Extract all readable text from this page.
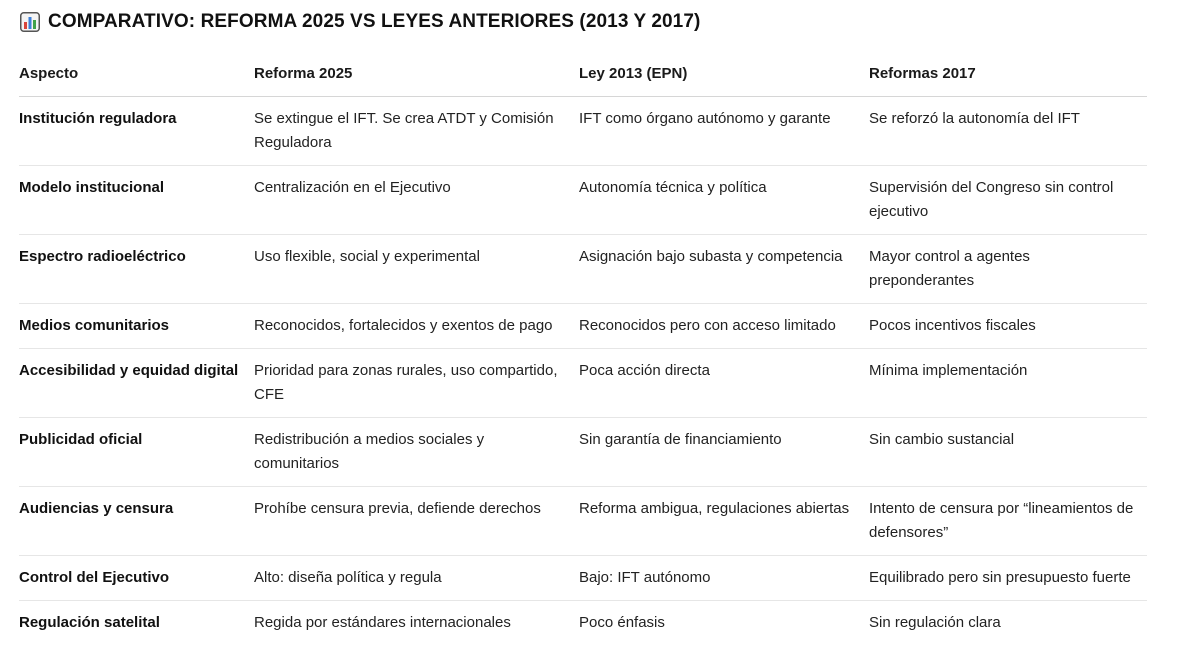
COMPARATIVO: REFORMA 2025 VS LEYES ANTERIORES (2013 Y 2017)
Aspecto	Reforma 2025	Ley 2013 (EPN)	Reformas 2017
Institución reguladora	Se extingue el IFT. Se crea ATDT y Comisión Reguladora	IFT como órgano autónomo y garante	Se reforzó la autonomía del IFT
Modelo institucional	Centralización en el Ejecutivo	Autonomía técnica y política	Supervisión del Congreso sin control ejecutivo
Espectro radioeléctrico	Uso flexible, social y experimental	Asignación bajo subasta y competencia	Mayor control a agentes preponderantes
Medios comunitarios	Reconocidos, fortalecidos y exentos de pago	Reconocidos pero con acceso limitado	Pocos incentivos fiscales
Accesibilidad y equidad digital	Prioridad para zonas rurales, uso compartido, CFE	Poca acción directa	Mínima implementación
Publicidad oficial	Redistribución a medios sociales y comunitarios	Sin garantía de financiamiento	Sin cambio sustancial
Audiencias y censura	Prohíbe censura previa, defiende derechos	Reforma ambigua, regulaciones abiertas	Intento de censura por “lineamientos de defensores”
Control del Ejecutivo	Alto: diseña política y regula	Bajo: IFT autónomo	Equilibrado pero sin presupuesto fuerte
Regulación satelital	Regida por estándares internacionales	Poco énfasis	Sin regulación clara
